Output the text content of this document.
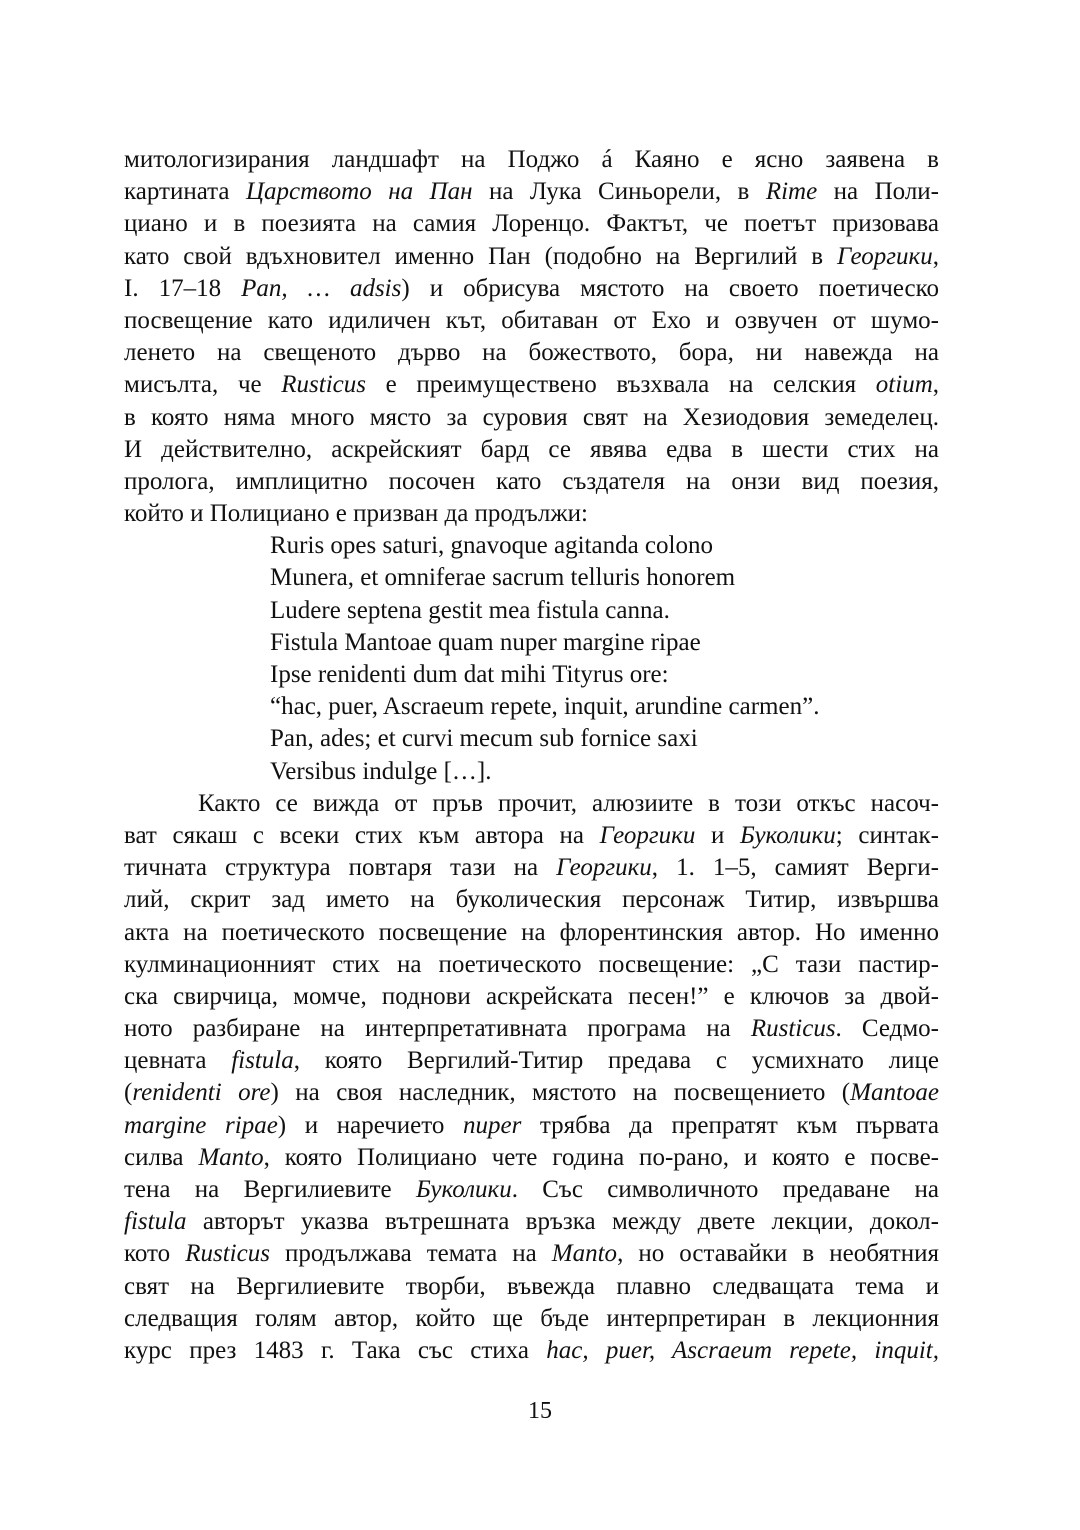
митологизирания ландшафт на Поджо á Каяно е ясно заявена в
картината Царството на Пан на Лука Синьорели, в Rime на Поли-
циано и в поезията на самия Лоренцо. Фактът, че поетът призовава
като свой вдъхновител именно Пан (подобно на Вергилий в Георгики,
I. 17–18 Pan, … adsis) и обрисува мястото на своето поетическо
посвещение като идиличен кът, обитаван от Ехо и озвучен от шумо-
ленето на свещеното дърво на божеството, бора, ни навежда на
мисълта, че Rusticus е преимуществено възхвала на селския otium,
в която няма много място за суровия свят на Хезиодовия земеделец.
И действително, аскрейският бард се явява едва в шести стих на
пролога, имплицитно посочен като създателя на онзи вид поезия,
който и Полициано е призван да продължи:
Ruris opes saturi, gnavoque agitanda colono
Munera, et omniferae sacrum telluris honorem
Ludere septena gestit mea fistula canna.
Fistula Mantoae quam nuper margine ripae
Ipse renidenti dum dat mihi Tityrus ore:
“hac, puer, Ascraeum repete, inquit, arundine carmen”.
Pan, ades; et curvi mecum sub fornice saxi
Versibus indulge […].
Както се вижда от пръв прочит, алюзиите в този откъс насоч-
ват сякаш с всеки стих към автора на Георгики и Буколики; синтак-
тичната структура повтаря тази на Георгики, 1. 1–5, самият Верги-
лий, скрит зад името на буколическия персонаж Титир, извършва
акта на поетическото посвещение на флорентинския автор. Но именно
кулминационният стих на поетическото посвещение: „С тази пастир-
ска свирчица, момче, поднови аскрейската песен!” е ключов за двой-
ното разбиране на интерпретативната програма на Rusticus. Седмо-
цевната fistula, която Вергилий-Титир предава с усмихнато лице
(renidenti ore) на своя наследник, мястото на посвещението (Mantoae
margine ripae) и наречието nuper трябва да препратят към първата
силва Manto, която Полициано чете година по-рано, и която е посве-
тена на Вергилиевите Буколики. Със символичното предаване на
fistula авторът указва вътрешната връзка между двете лекции, докол-
кото Rusticus продължава темата на Manto, но оставайки в необятния
свят на Вергилиевите творби, въвежда плавно следващата тема и
следващия голям автор, който ще бъде интерпретиран в лекционния
курс през 1483 г. Така със стиха hac, puer, Ascraeum repete, inquit,
15
